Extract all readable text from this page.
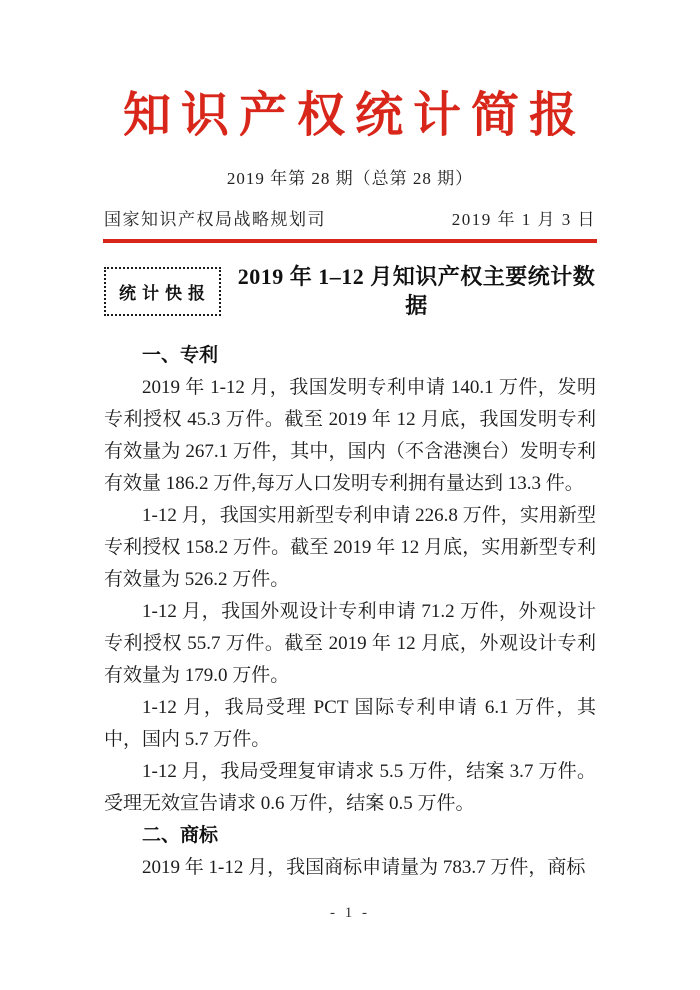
知识产权统计简报
2019 年第 28 期（总第 28 期）
国家知识产权局战略规划司	2019 年 1 月 3 日
统计快报
2019 年 1–12 月知识产权主要统计数据
一、专利

2019 年 1-12 月，我国发明专利申请 140.1 万件，发明专利授权 45.3 万件。截至 2019 年 12 月底，我国发明专利有效量为 267.1 万件，其中，国内（不含港澳台）发明专利有效量 186.2 万件,每万人口发明专利拥有量达到 13.3 件。

1-12 月，我国实用新型专利申请 226.8 万件，实用新型专利授权 158.2 万件。截至 2019 年 12 月底，实用新型专利有效量为 526.2 万件。

1-12 月，我国外观设计专利申请 71.2 万件，外观设计专利授权 55.7 万件。截至 2019 年 12 月底，外观设计专利有效量为 179.0 万件。

1-12 月，我局受理 PCT 国际专利申请 6.1 万件，其中，国内 5.7 万件。

1-12 月，我局受理复审请求 5.5 万件，结案 3.7 万件。受理无效宣告请求 0.6 万件，结案 0.5 万件。

二、商标

2019 年 1-12 月，我国商标申请量为 783.7 万件，商标

- 1 -
